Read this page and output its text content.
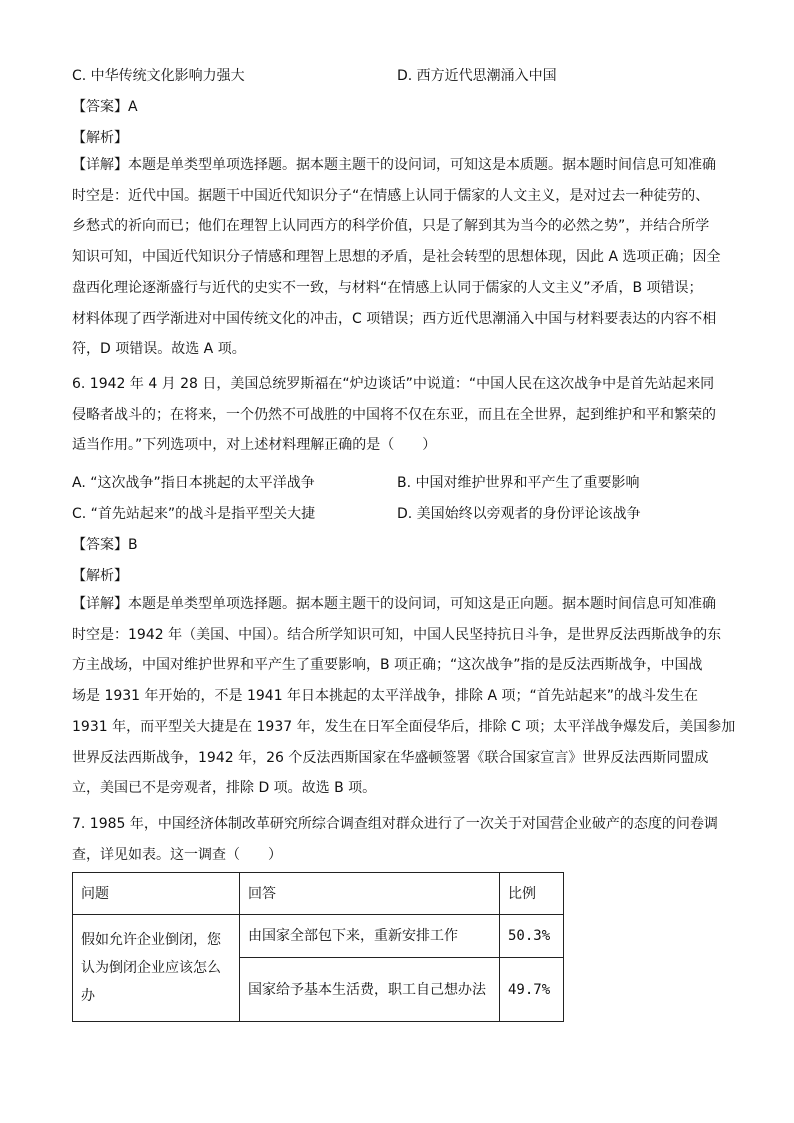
C. 中华传统文化影响力强大	D. 西方近代思潮涌入中国
【答案】A
【解析】
【详解】本题是单类型单项选择题。据本题主题干的设问词，可知这是本质题。据本题时间信息可知准确
时空是：近代中国。据题干中国近代知识分子“在情感上认同于儒家的人文主义，是对过去一种徒劳的、
乡愁式的祈向而已；他们在理智上认同西方的科学价值，只是了解到其为当今的必然之势”，并结合所学
知识可知，中国近代知识分子情感和理智上思想的矛盾，是社会转型的思想体现，因此 A 选项正确；因全
盘西化理论逐渐盛行与近代的史实不一致，与材料“在情感上认同于儒家的人文主义”矛盾，B 项错误；
材料体现了西学渐进对中国传统文化的冲击，C 项错误；西方近代思潮涌入中国与材料要表达的内容不相
符，D 项错误。故选 A 项。
6. 1942 年 4 月 28 日，美国总统罗斯福在“炉边谈话”中说道：“中国人民在这次战争中是首先站起来同
侵略者战斗的；在将来，一个仍然不可战胜的中国将不仅在东亚，而且在全世界，起到维护和平和繁荣的
适当作用。”下列选项中，对上述材料理解正确的是（　　）
A. “这次战争”指日本挑起的太平洋战争	B. 中国对维护世界和平产生了重要影响
C. “首先站起来”的战斗是指平型关大捷	D. 美国始终以旁观者的身份评论该战争
【答案】B
【解析】
【详解】本题是单类型单项选择题。据本题主题干的设问词，可知这是正向题。据本题时间信息可知准确
时空是：1942 年（美国、中国）。结合所学知识可知，中国人民坚持抗日斗争，是世界反法西斯战争的东
方主战场，中国对维护世界和平产生了重要影响，B 项正确；“这次战争”指的是反法西斯战争，中国战
场是 1931 年开始的，不是 1941 年日本挑起的太平洋战争，排除 A 项；“首先站起来”的战斗发生在
1931 年，而平型关大捷是在 1937 年，发生在日军全面侵华后，排除 C 项；太平洋战争爆发后，美国参加
世界反法西斯战争，1942 年，26 个反法西斯国家在华盛顿签署《联合国家宣言》世界反法西斯同盟成
立，美国已不是旁观者，排除 D 项。故选 B 项。
7. 1985 年，中国经济体制改革研究所综合调查组对群众进行了一次关于对国营企业破产的态度的问卷调
查，详见如表。这一调查（　　）
问题	回答	比例
假如允许企业倒闭，您认为倒闭企业应该怎么办	由国家全部包下来，重新安排工作	50.3%
	国家给予基本生活费，职工自己想办法	49.7%
